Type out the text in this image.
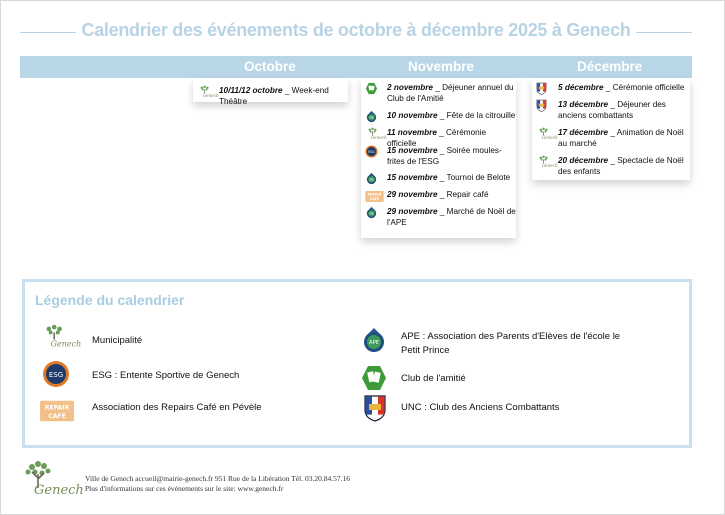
Calendrier des événements de octobre à décembre 2025 à Genech
Octobre	Novembre	Décembre
Légende du calendrier
Genech
Ville de Genech accueil@mairie-genech.fr 951 Rue de la Libération Tél. 03.20.84.57.16
Plus d'informations sur ces événements sur le site: www.genech.fr
Genech
10/11/12 octobre _ Week-end Théâtre
2 novembre _ Déjeuner annuel du Club de l'Amitié
APE 10 novembre _ Fête de la citrouille
Genech
11 novembre _ Cérémonie officielle
ESG 15 novembre _ Soirée moules-frites de l'ESG
APE 15 novembre _ Tournoi de Belote
REPAIR
CAFÉ
29 novembre _ Repair café
APE 29 novembre _ Marché de Noël de l'APE
5 décembre _ Cérémonie officielle
13 décembre _ Déjeuner des anciens combattants
Genech
17 décembre _ Animation de Noël au marché
Genech
20 décembre _ Spectacle de Noël des enfants
Genech Municipalité
ESG	ESG : Entente Sportive de Genech
REPAIR
CAFÉ
Association des Repairs Café en Pévèle
APE
APE : Association des Parents d'Elèves de l'école le Petit Prince
Club de l'amitié
UNC : Club des Anciens Combattants
